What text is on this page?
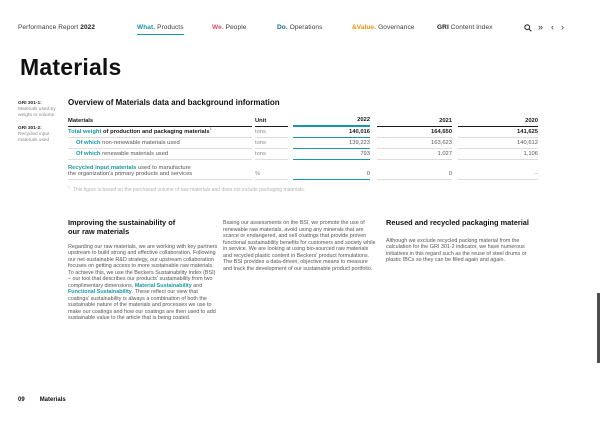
Performance Report 2022	What. Products	We. People	Do. Operations	&Value. Governance	GRI Content Index	» ‹ ›
Materials
GRI 301-1:
Materials used by weight or volume
GRI 301-2:
Recycled input materials used
Overview of Materials data and background information
Materials	Unit	2022	2021	2020
Total weight of production and packaging materials$^1$	tons	140,016	164,650	141,625
Of which non-renewable materials used	tons	139,223	163,623	140,612
Of which renewable materials used	tons	793	1,027	1,106
Recycled input materials used to manufacture
the organization's primary products and services	%	0	0	–
$^1$ This figure is based on the purchased volume of raw materials and does not include packaging materials.
Improving the sustainability of our raw materials

Regarding our raw materials, we are working with key partners upstream to build strong and effective collaboration. Following our net-sustainable R&D strategy, our upstream collaboration focuses on getting access to more sustainable raw materials. To achieve this, we use the Beckers Sustainability Index (BSI) – our tool that describes our products' sustainability from two complimentary dimensions, Material Sustainability and Functional Sustainability. These reflect our view that coatings' sustainability is always a combination of both the sustainable nature of the materials and processes we use to make our coatings and how our coatings are then used to add sustainable value to the article that is being coated.

Basing our assessments on the BSI, we promote the use of renewable raw materials, avoid using any minerals that are scarce or endangered, and sell coatings that provide proven functional sustainability benefits for customers and society while in service. We are looking at using bio-sourced raw materials and recycled plastic content in Beckers' product formulations. The BSI provides a data-driven, objective means to measure and track the development of our sustainable product portfolio.

Reused and recycled packaging material

Although we exclude recycled packing material from the calculation for the GRI 301-2 indicator, we have numerous initiatives in this regard such as the reuse of steel drums or plastic IBCs so they can be filled again and again.

09	Materials
